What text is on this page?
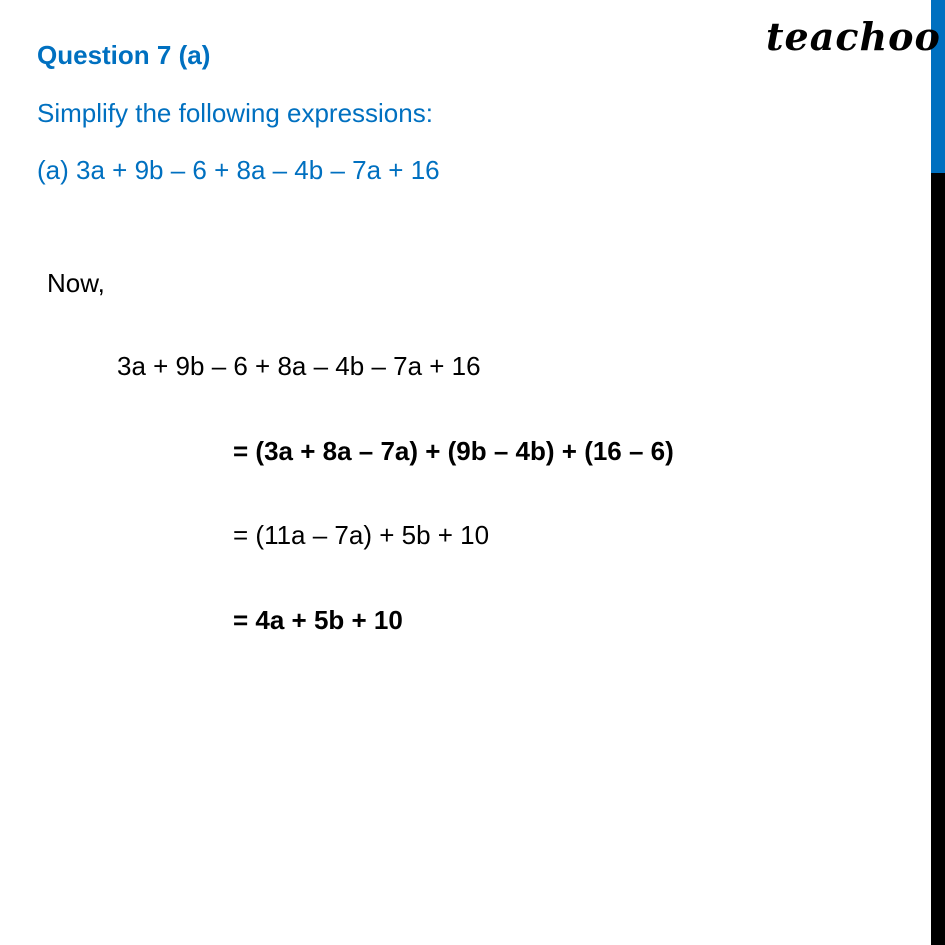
teachoo
Question 7 (a)
Simplify the following expressions:
(a) 3a + 9b – 6 + 8a – 4b – 7a + 16
Now,
3a + 9b – 6 + 8a – 4b – 7a + 16
= (3a + 8a – 7a) + (9b – 4b) + (16 – 6)
= (11a – 7a) + 5b + 10
= 4a + 5b + 10
